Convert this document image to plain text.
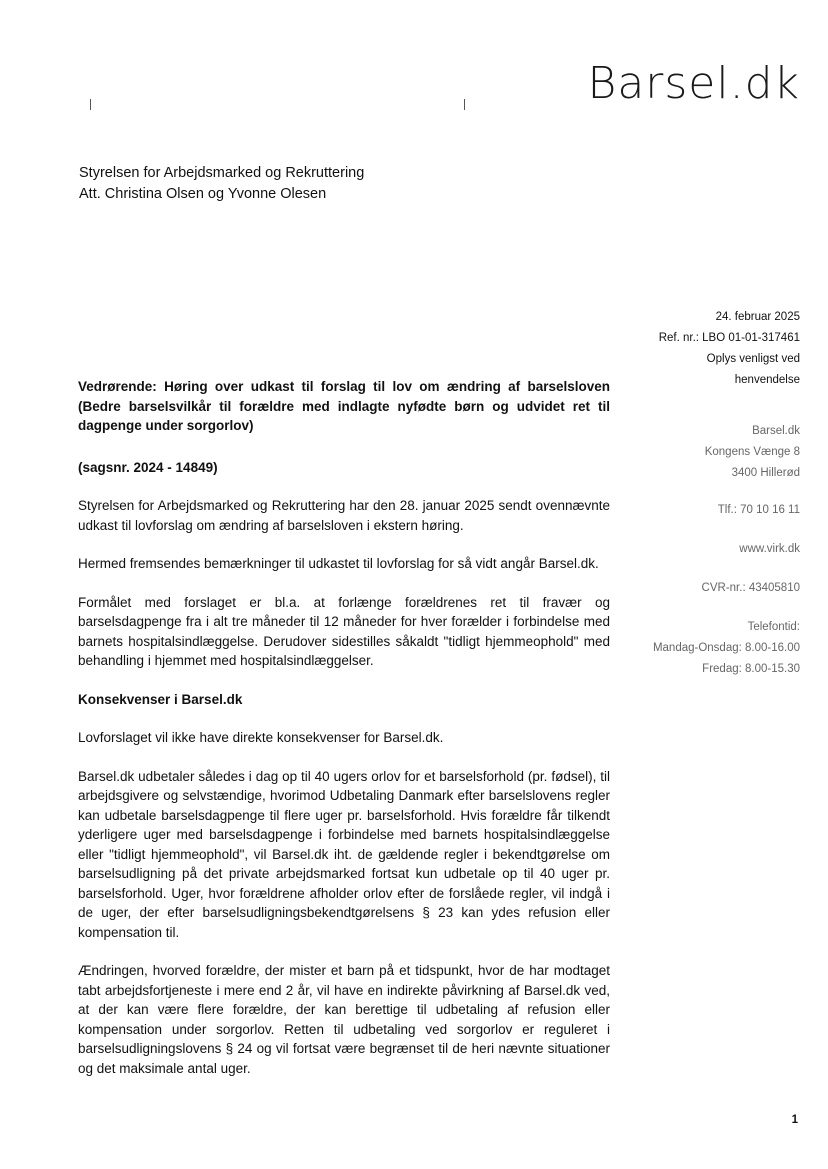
Barsel.dk
Styrelsen for Arbejdsmarked og Rekruttering
Att. Christina Olsen og Yvonne Olesen
24. februar 2025
Ref. nr.: LBO 01-01-317461
Oplys venligst ved
henvendelse
Barsel.dk
Kongens Vænge 8
3400 Hillerød
Tlf.: 70 10 16 11
www.virk.dk
CVR-nr.: 43405810
Telefontid:
Mandag-Onsdag: 8.00-16.00
Fredag: 8.00-15.30

Vedrørende: Høring over udkast til forslag til lov om ændring af barselsloven (Bedre barselsvilkår til forældre med indlagte nyfødte børn og udvidet ret til dagpenge under sorgorlov)

(sagsnr. 2024 - 14849)

Styrelsen for Arbejdsmarked og Rekruttering har den 28. januar 2025 sendt ovennævnte udkast til lovforslag om ændring af barselsloven i ekstern høring.

Hermed fremsendes bemærkninger til udkastet til lovforslag for så vidt angår Barsel.dk.

Formålet med forslaget er bl.a. at forlænge forældrenes ret til fravær og barselsdagpenge fra i alt tre måneder til 12 måneder for hver forælder i forbindelse med barnets hospitalsindlæggelse. Derudover sidestilles såkaldt "tidligt hjemmeophold" med behandling i hjemmet med hospitalsindlæggelser.

Konsekvenser i Barsel.dk

Lovforslaget vil ikke have direkte konsekvenser for Barsel.dk.

Barsel.dk udbetaler således i dag op til 40 ugers orlov for et barselsforhold (pr. fødsel), til arbejdsgivere og selvstændige, hvorimod Udbetaling Danmark efter barselslovens regler kan udbetale barselsdagpenge til flere uger pr. barselsforhold. Hvis forældre får tilkendt yderligere uger med barselsdagpenge i forbindelse med barnets hospitalsindlæggelse eller "tidligt hjemmeophold", vil Barsel.dk iht. de gældende regler i bekendtgørelse om barselsudligning på det private arbejdsmarked fortsat kun udbetale op til 40 uger pr. barselsforhold. Uger, hvor forældrene afholder orlov efter de forslåede regler, vil indgå i de uger, der efter barselsudligningsbekendtgørelsens § 23 kan ydes refusion eller kompensation til.

Ændringen, hvorved forældre, der mister et barn på et tidspunkt, hvor de har modtaget tabt arbejdsfortjeneste i mere end 2 år, vil have en indirekte påvirkning af Barsel.dk ved, at der kan være flere forældre, der kan berettige til udbetaling af refusion eller kompensation under sorgorlov. Retten til udbetaling ved sorgorlov er reguleret i barselsudligningslovens § 24 og vil fortsat være begrænset til de heri nævnte situationer og det maksimale antal uger.

1
